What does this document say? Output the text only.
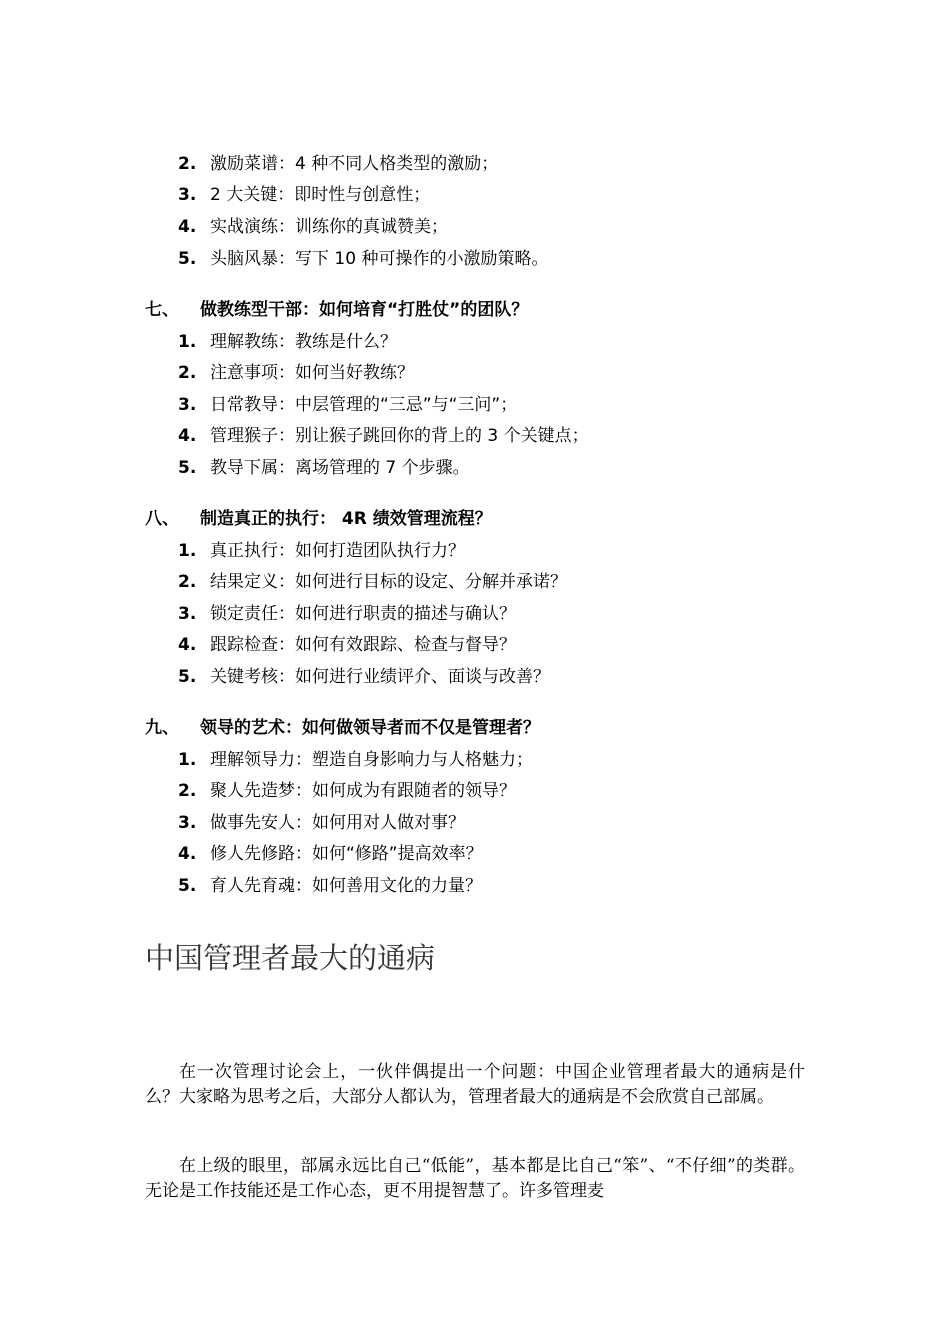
2. 激励菜谱：4 种不同人格类型的激励；
3. 2 大关键：即时性与创意性；
4. 实战演练：训练你的真诚赞美；
5. 头脑风暴：写下 10 种可操作的小激励策略。
七、 做教练型干部：如何培育“打胜仗”的团队？
1. 理解教练：教练是什么？
2. 注意事项：如何当好教练？
3. 日常教导：中层管理的“三忌”与“三问”；
4. 管理猴子：别让猴子跳回你的背上的 3 个关键点；
5. 教导下属：离场管理的 7 个步骤。
八、 制造真正的执行： 4R 绩效管理流程？
1. 真正执行：如何打造团队执行力？
2. 结果定义：如何进行目标的设定、分解并承诺？
3. 锁定责任：如何进行职责的描述与确认？
4. 跟踪检查：如何有效跟踪、检查与督导？
5. 关键考核：如何进行业绩评介、面谈与改善？
九、 领导的艺术：如何做领导者而不仅是管理者？
1. 理解领导力：塑造自身影响力与人格魅力；
2. 聚人先造梦：如何成为有跟随者的领导？
3. 做事先安人：如何用对人做对事？
4. 修人先修路：如何“修路”提高效率？
5. 育人先育魂：如何善用文化的力量？
中国管理者最大的通病

在一次管理讨论会上，一伙伴偶提出一个问题：中国企业管理者最大的通病是什么？大家略为思考之后，大部分人都认为，管理者最大的通病是不会欣赏自己部属。

在上级的眼里，部属永远比自己“低能”，基本都是比自己“笨”、“不仔细”的类群。无论是工作技能还是工作心态，更不用提智慧了。许多管理麦
